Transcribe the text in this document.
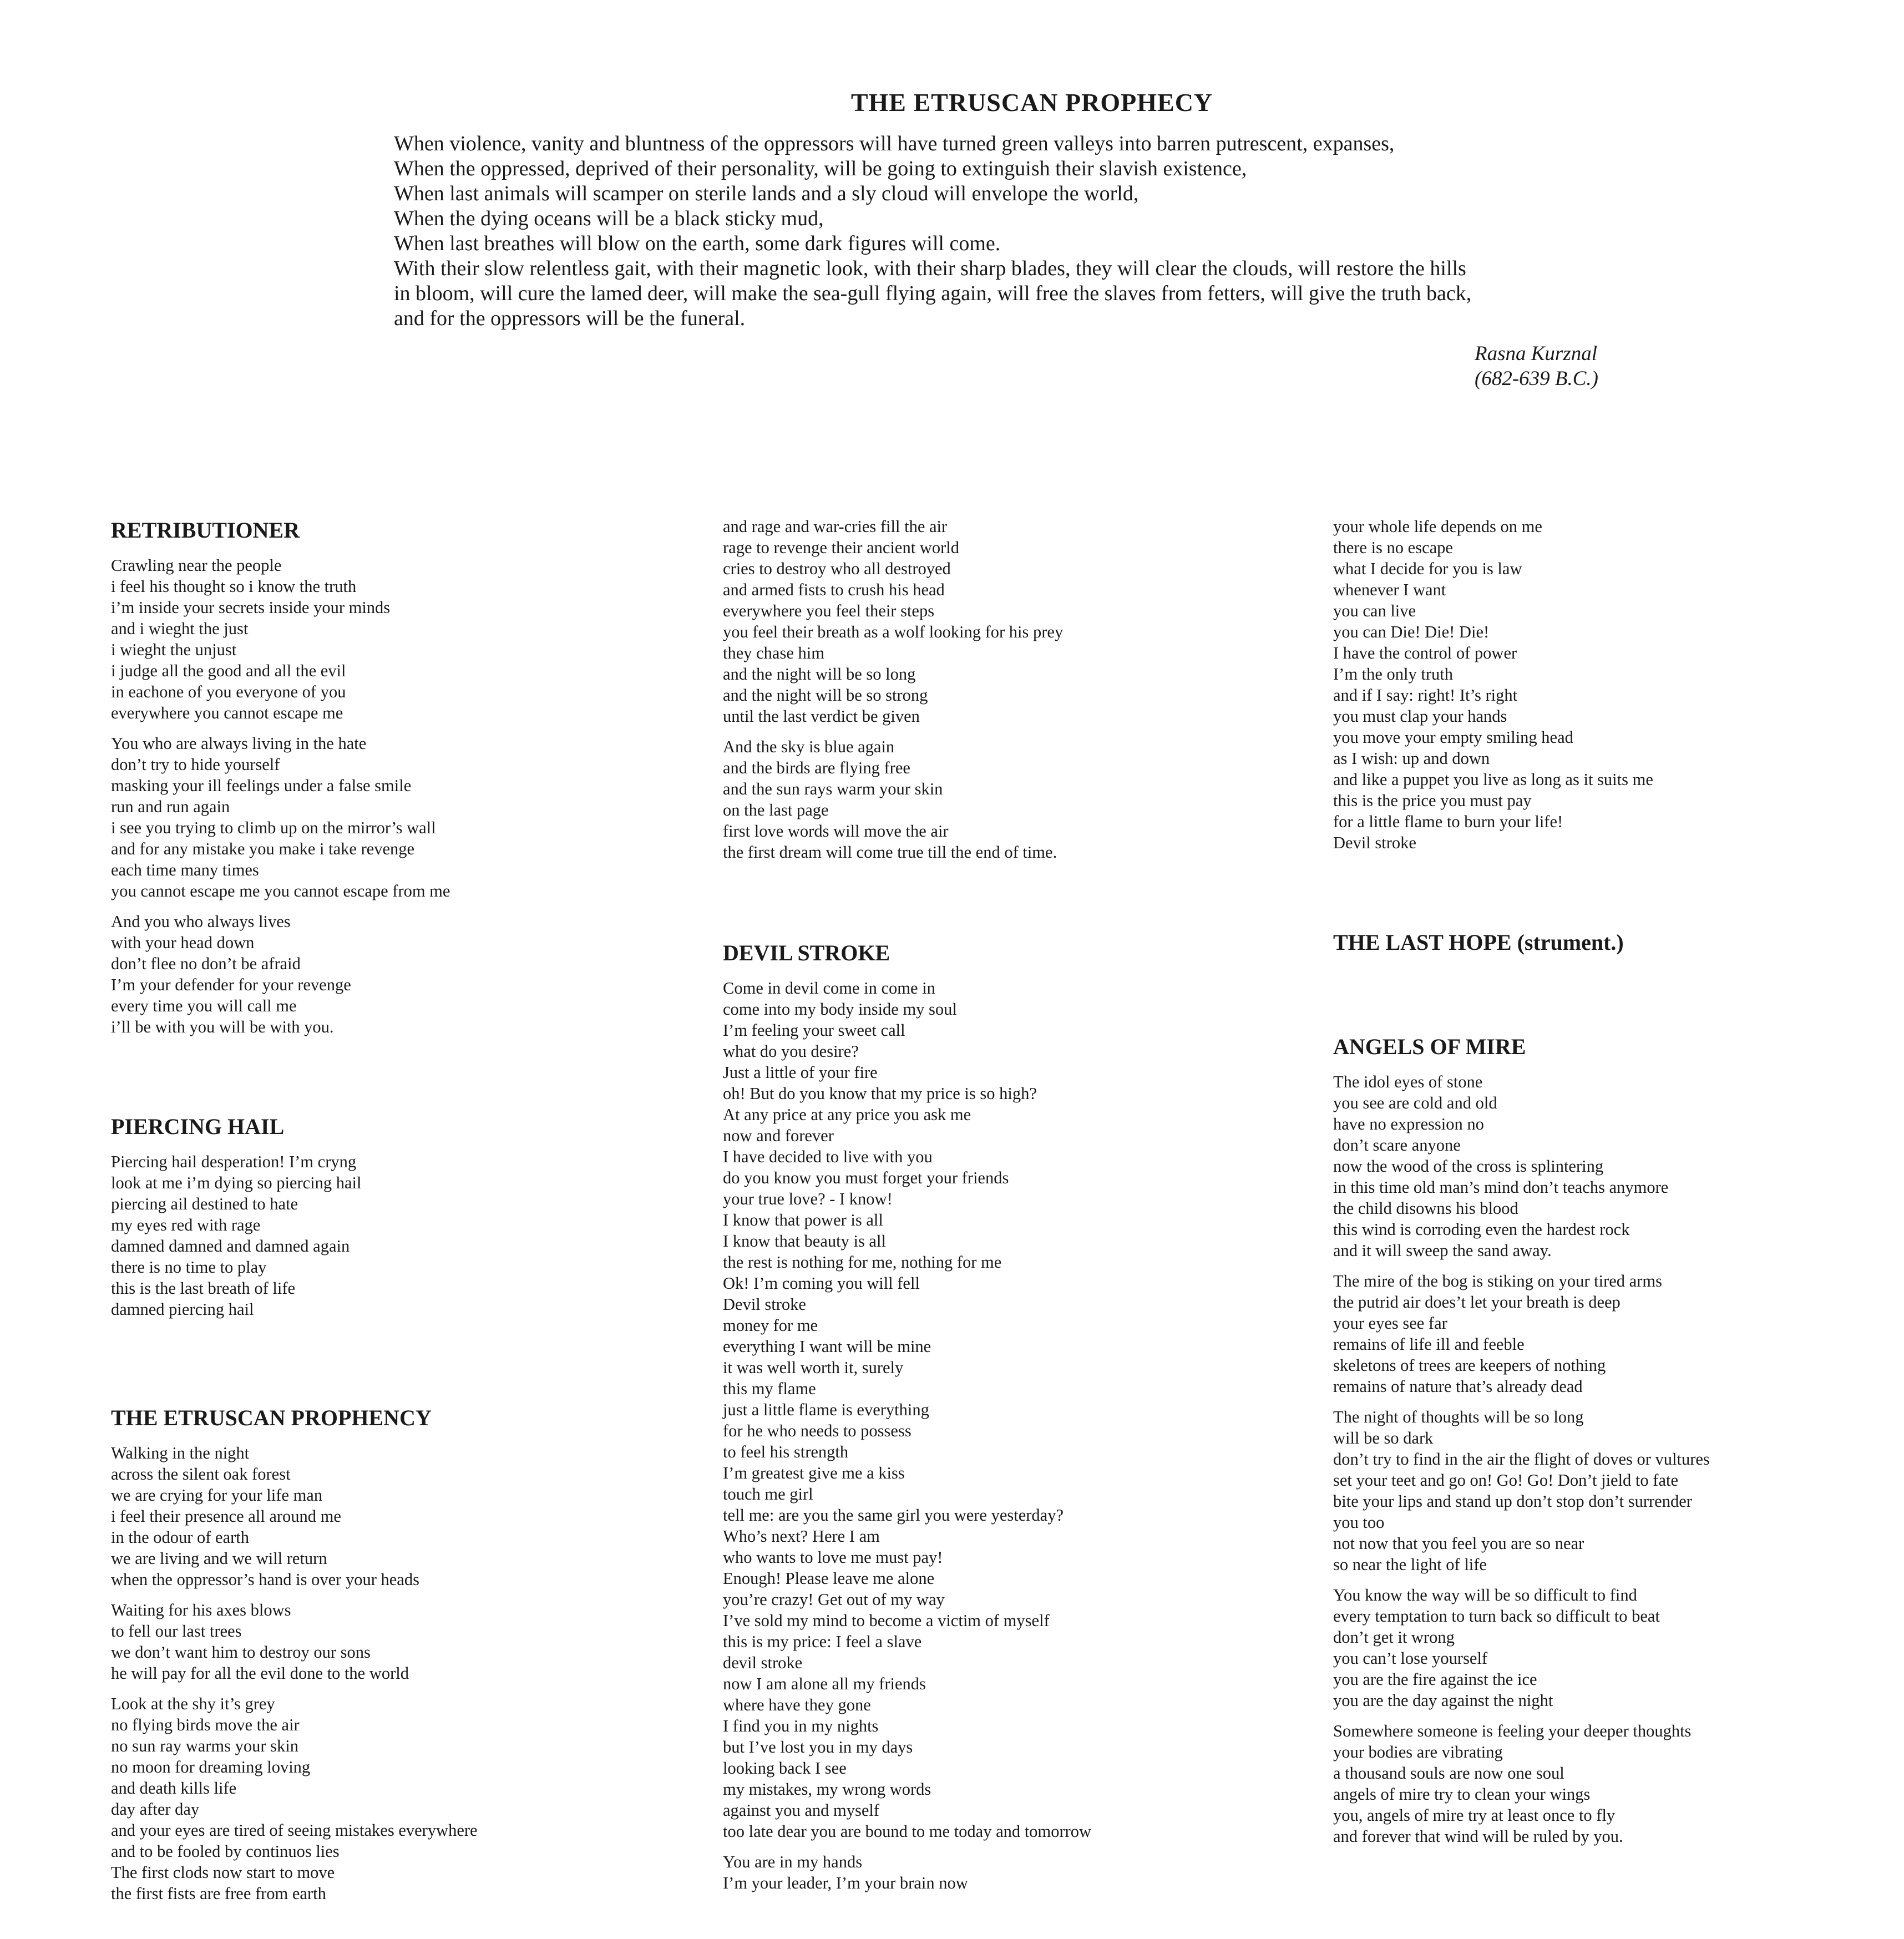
THE ETRUSCAN PROPHECY
When violence, vanity and bluntness of the oppressors will have turned green valleys into barren putrescent, expanses,
When the oppressed, deprived of their personality, will be going to extinguish their slavish existence,
When last animals will scamper on sterile lands and a sly cloud will envelope the world,
When the dying oceans will be a black sticky mud,
When last breathes will blow on the earth, some dark figures will come.
With their slow relentless gait, with their magnetic look, with their sharp blades, they will clear the clouds, will restore the hills
in bloom, will cure the lamed deer, will make the sea-gull flying again, will free the slaves from fetters, will give the truth back,
and for the oppressors will be the funeral.
Rasna Kurznal
(682-639 B.C.)
RETRIBUTIONER
Crawling near the people
i feel his thought so i know the truth
i’m inside your secrets inside your minds
and i wieght the just
i wieght the unjust
i judge all the good and all the evil
in eachone of you everyone of you
everywhere you cannot escape me
You who are always living in the hate
don’t try to hide yourself
masking your ill feelings under a false smile
run and run again
i see you trying to climb up on the mirror’s wall
and for any mistake you make i take revenge
each time many times
you cannot escape me you cannot escape from me
And you who always lives
with your head down
don’t flee no don’t be afraid
I’m your defender for your revenge
every time you will call me
i’ll be with you will be with you.
PIERCING HAIL
Piercing hail desperation! I’m cryng
look at me i’m dying so piercing hail
piercing ail destined to hate
my eyes red with rage
damned damned and damned again
there is no time to play
this is the last breath of life
damned piercing hail
THE ETRUSCAN PROPHENCY
Walking in the night
across the silent oak forest
we are crying for your life man
i feel their presence all around me
in the odour of earth
we are living and we will return
when the oppressor’s hand is over your heads
Waiting for his axes blows
to fell our last trees
we don’t want him to destroy our sons
he will pay for all the evil done to the world
Look at the shy it’s grey
no flying birds move the air
no sun ray warms your skin
no moon for dreaming loving
and death kills life
day after day
and your eyes are tired of seeing mistakes everywhere
and to be fooled by continuos lies
The first clods now start to move
the first fists are free from earth
and rage and war-cries fill the air
rage to revenge their ancient world
cries to destroy who all destroyed
and armed fists to crush his head
everywhere you feel their steps
you feel their breath as a wolf looking for his prey
they chase him
and the night will be so long
and the night will be so strong
until the last verdict be given
And the sky is blue again
and the birds are flying free
and the sun rays warm your skin
on the last page
first love words will move the air
the first dream will come true till the end of time.
DEVIL STROKE
Come in devil come in come in
come into my body inside my soul
I’m feeling your sweet call
what do you desire?
Just a little of your fire
oh! But do you know that my price is so high?
At any price at any price you ask me
now and forever
I have decided to live with you
do you know you must forget your friends
your true love? - I know!
I know that power is all
I know that beauty is all
the rest is nothing for me, nothing for me
Ok! I’m coming you will fell
Devil stroke
money for me
everything I want will be mine
it was well worth it, surely
this my flame
just a little flame is everything
for he who needs to possess
to feel his strength
I’m greatest give me a kiss
touch me girl
tell me: are you the same girl you were yesterday?
Who’s next? Here I am
who wants to love me must pay!
Enough! Please leave me alone
you’re crazy! Get out of my way
I’ve sold my mind to become a victim of myself
this is my price: I feel a slave
devil stroke
now I am alone all my friends
where have they gone
I find you in my nights
but I’ve lost you in my days
looking back I see
my mistakes, my wrong words
against you and myself
too late dear you are bound to me today and tomorrow
You are in my hands
I’m your leader, I’m your brain now
your whole life depends on me
there is no escape
what I decide for you is law
whenever I want
you can live
you can Die! Die! Die!
I have the control of power
I’m the only truth
and if I say: right! It’s right
you must clap your hands
you move your empty smiling head
as I wish: up and down
and like a puppet you live as long as it suits me
this is the price you must pay
for a little flame to burn your life!
Devil stroke
THE LAST HOPE (strument.)
ANGELS OF MIRE
The idol eyes of stone
you see are cold and old
have no expression no
don’t scare anyone
now the wood of the cross is splintering
in this time old man’s mind don’t teachs anymore
the child disowns his blood
this wind is corroding even the hardest rock
and it will sweep the sand away.
The mire of the bog is stiking on your tired arms
the putrid air does’t let your breath is deep
your eyes see far
remains of life ill and feeble
skeletons of trees are keepers of nothing
remains of nature that’s already dead
The night of thoughts will be so long
will be so dark
don’t try to find in the air the flight of doves or vultures
set your teet and go on! Go! Go! Don’t jield to fate
bite your lips and stand up don’t stop don’t surrender
you too
not now that you feel you are so near
so near the light of life
You know the way will be so difficult to find
every temptation to turn back so difficult to beat
don’t get it wrong
you can’t lose yourself
you are the fire against the ice
you are the day against the night
Somewhere someone is feeling your deeper thoughts
your bodies are vibrating
a thousand souls are now one soul
angels of mire try to clean your wings
you, angels of mire try at least once to fly
and forever that wind will be ruled by you.
